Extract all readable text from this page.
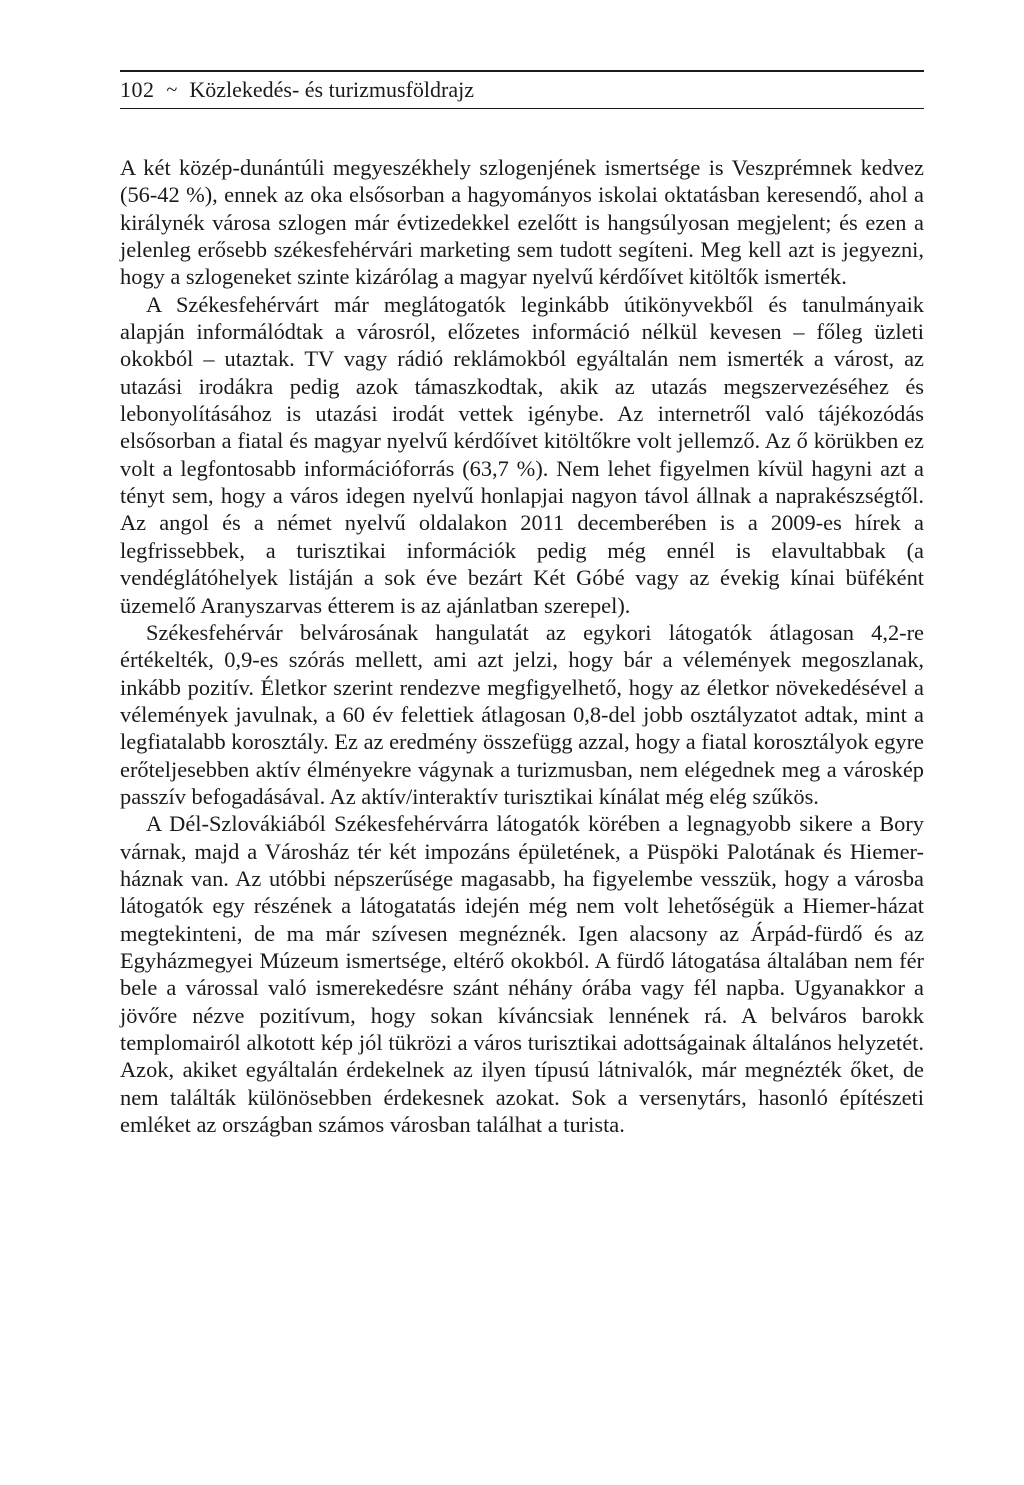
102 ~ Közlekedés- és turizmusföldrajz

A két közép-dunántúli megyeszékhely szlogenjének ismertsége is Veszprémnek kedvez (56-42 %), ennek az oka elsősorban a hagyományos iskolai oktatásban keresendő, ahol a királynék városa szlogen már évtizedekkel ezelőtt is hangsúlyosan megjelent; és ezen a jelenleg erősebb székesfehérvári marketing sem tudott segíteni. Meg kell azt is jegyezni, hogy a szlogeneket szinte kizárólag a magyar nyelvű kérdőívet kitöltők ismerték.

A Székesfehérvárt már meglátogatók leginkább útikönyvekből és tanulmányaik alapján informálódtak a városról, előzetes információ nélkül kevesen – főleg üzleti okokból – utaztak. TV vagy rádió reklámokból egyáltalán nem ismerték a várost, az utazási irodákra pedig azok támaszkodtak, akik az utazás megszervezéséhez és lebonyolításához is utazási irodát vettek igénybe. Az internetről való tájékozódás elsősorban a fiatal és magyar nyelvű kérdőívet kitöltőkre volt jellemző. Az ő körükben ez volt a legfontosabb információforrás (63,7 %). Nem lehet figyelmen kívül hagyni azt a tényt sem, hogy a város idegen nyelvű honlapjai nagyon távol állnak a naprakészségtől. Az angol és a német nyelvű oldalakon 2011 decemberében is a 2009-es hírek a legfrissebbek, a turisztikai információk pedig még ennél is elavultabbak (a vendéglátóhelyek listáján a sok éve bezárt Két Góbé vagy az évekig kínai büféként üzemelő Aranyszarvas étterem is az ajánlatban szerepel).

Székesfehérvár belvárosának hangulatát az egykori látogatók átlagosan 4,2-re értékelték, 0,9-es szórás mellett, ami azt jelzi, hogy bár a vélemények megoszlanak, inkább pozitív. Életkor szerint rendezve megfigyelhető, hogy az életkor növekedésével a vélemények javulnak, a 60 év felettiek átlagosan 0,8-del jobb osztályzatot adtak, mint a legfiatalabb korosztály. Ez az eredmény összefügg azzal, hogy a fiatal korosztályok egyre erőteljesebben aktív élményekre vágynak a turizmusban, nem elégednek meg a városkép passzív befogadásával. Az aktív/interaktív turisztikai kínálat még elég szűkös.

A Dél-Szlovákiából Székesfehérvárra látogatók körében a legnagyobb sikere a Bory várnak, majd a Városház tér két impozáns épületének, a Püspöki Palotának és Hiemer-háznak van. Az utóbbi népszerűsége magasabb, ha figyelembe vesszük, hogy a városba látogatók egy részének a látogatatás idején még nem volt lehetőségük a Hiemer-házat megtekinteni, de ma már szívesen megnéznék. Igen alacsony az Árpád-fürdő és az Egyházmegyei Múzeum ismertsége, eltérő okokból. A fürdő látogatása általában nem fér bele a várossal való ismerekedésre szánt néhány órába vagy fél napba. Ugyanakkor a jövőre nézve pozitívum, hogy sokan kíváncsiak lennének rá. A belváros barokk templomairól alkotott kép jól tükrözi a város turisztikai adottságainak általános helyzetét. Azok, akiket egyáltalán érdekelnek az ilyen típusú látnivalók, már megnézték őket, de nem találták különösebben érdekesnek azokat. Sok a versenytárs, hasonló építészeti emléket az országban számos városban találhat a turista.
